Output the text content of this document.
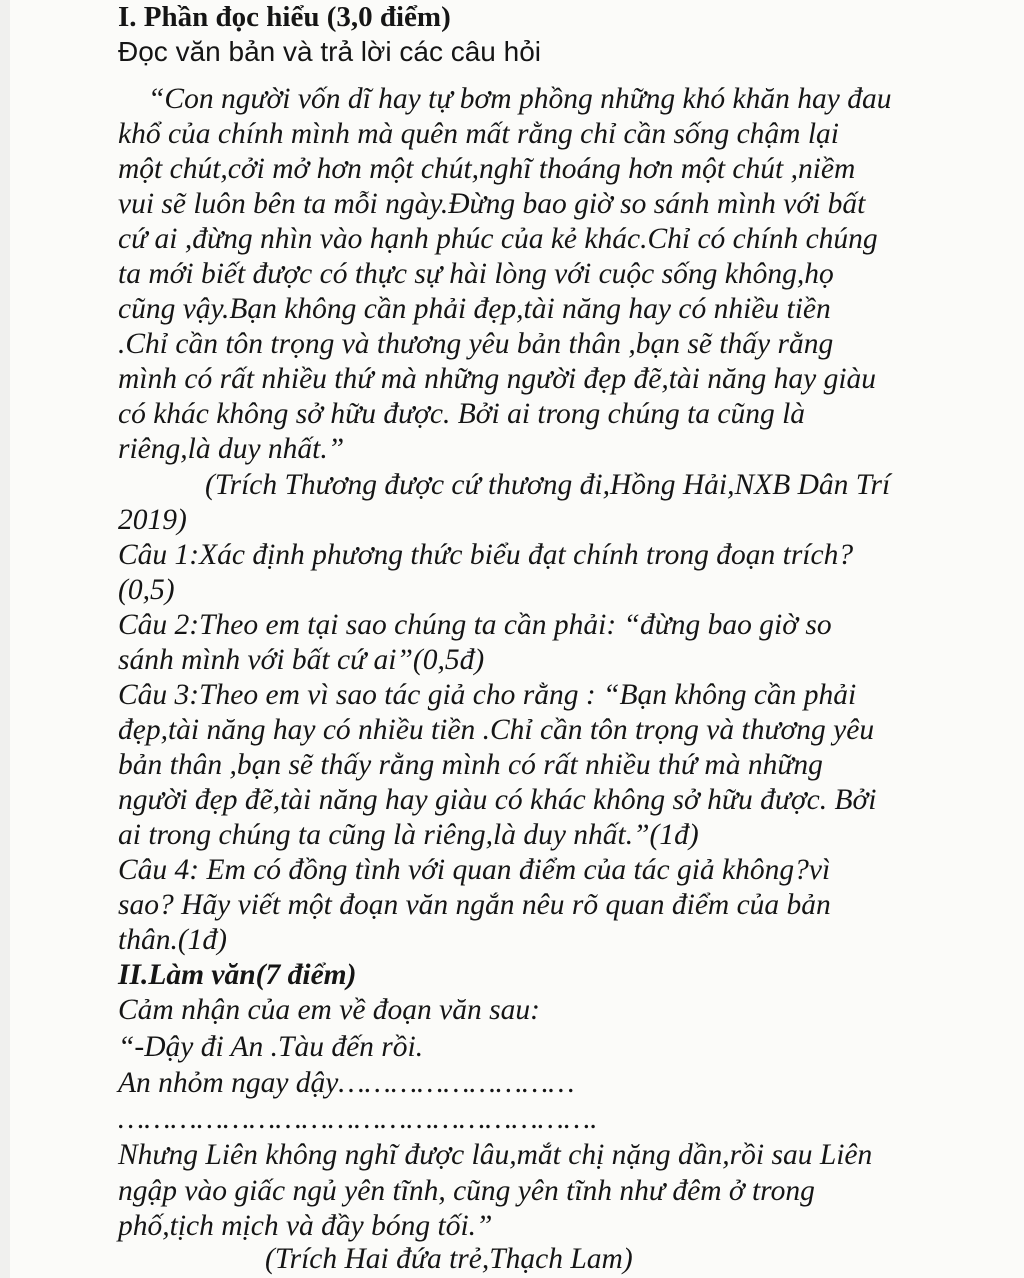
I. Phần đọc hiểu (3,0 điểm)

Đọc văn bản và trả lời các câu hỏi

“Con người vốn dĩ hay tự bơm phồng những khó khăn hay đau

khổ của chính mình mà quên mất rằng chỉ cần sống chậm lại

một chút,cởi mở hơn một chút,nghĩ thoáng hơn một chút ,niềm

vui sẽ luôn bên ta mỗi ngày.Đừng bao giờ so sánh mình với bất

cứ ai ,đừng nhìn vào hạnh phúc của kẻ khác.Chỉ có chính chúng

ta mới biết được có thực sự hài lòng với cuộc sống không,họ

cũng vậy.Bạn không cần phải đẹp,tài năng hay có nhiều tiền

.Chỉ cần tôn trọng và thương yêu bản thân ,bạn sẽ thấy rằng

mình có rất nhiều thứ mà những người đẹp đẽ,tài năng hay giàu

có khác không sở hữu được. Bởi ai trong chúng ta cũng là

riêng,là duy nhất.”

(Trích Thương được cứ thương đi,Hồng Hải,NXB Dân Trí

2019)

Câu 1:Xác định phương thức biểu đạt chính trong đoạn trích?

(0,5)

Câu 2:Theo em tại sao chúng ta cần phải: “đừng bao giờ so

sánh mình với bất cứ ai”(0,5đ)

Câu 3:Theo em vì sao tác giả cho rằng : “Bạn không cần phải

đẹp,tài năng hay có nhiều tiền .Chỉ cần tôn trọng và thương yêu

bản thân ,bạn sẽ thấy rằng mình có rất nhiều thứ mà những

người đẹp đẽ,tài năng hay giàu có khác không sở hữu được. Bởi

ai trong chúng ta cũng là riêng,là duy nhất.”(1đ)

Câu 4: Em có đồng tình với quan điểm của tác giả không?vì

sao? Hãy viết một đoạn văn ngắn nêu rõ quan điểm của bản

thân.(1đ)

II.Làm văn(7 điểm)

Cảm nhận của em về đoạn văn sau:

“-Dậy đi An .Tàu đến rồi.

An nhỏm ngay dậy………………………

……………………………………………….

Nhưng Liên không nghĩ được lâu,mắt chị nặng dần,rồi sau Liên

ngập vào giấc ngủ yên tĩnh, cũng yên tĩnh như đêm ở trong

phố,tịch mịch và đầy bóng tối.”

(Trích Hai đứa trẻ,Thạch Lam)
